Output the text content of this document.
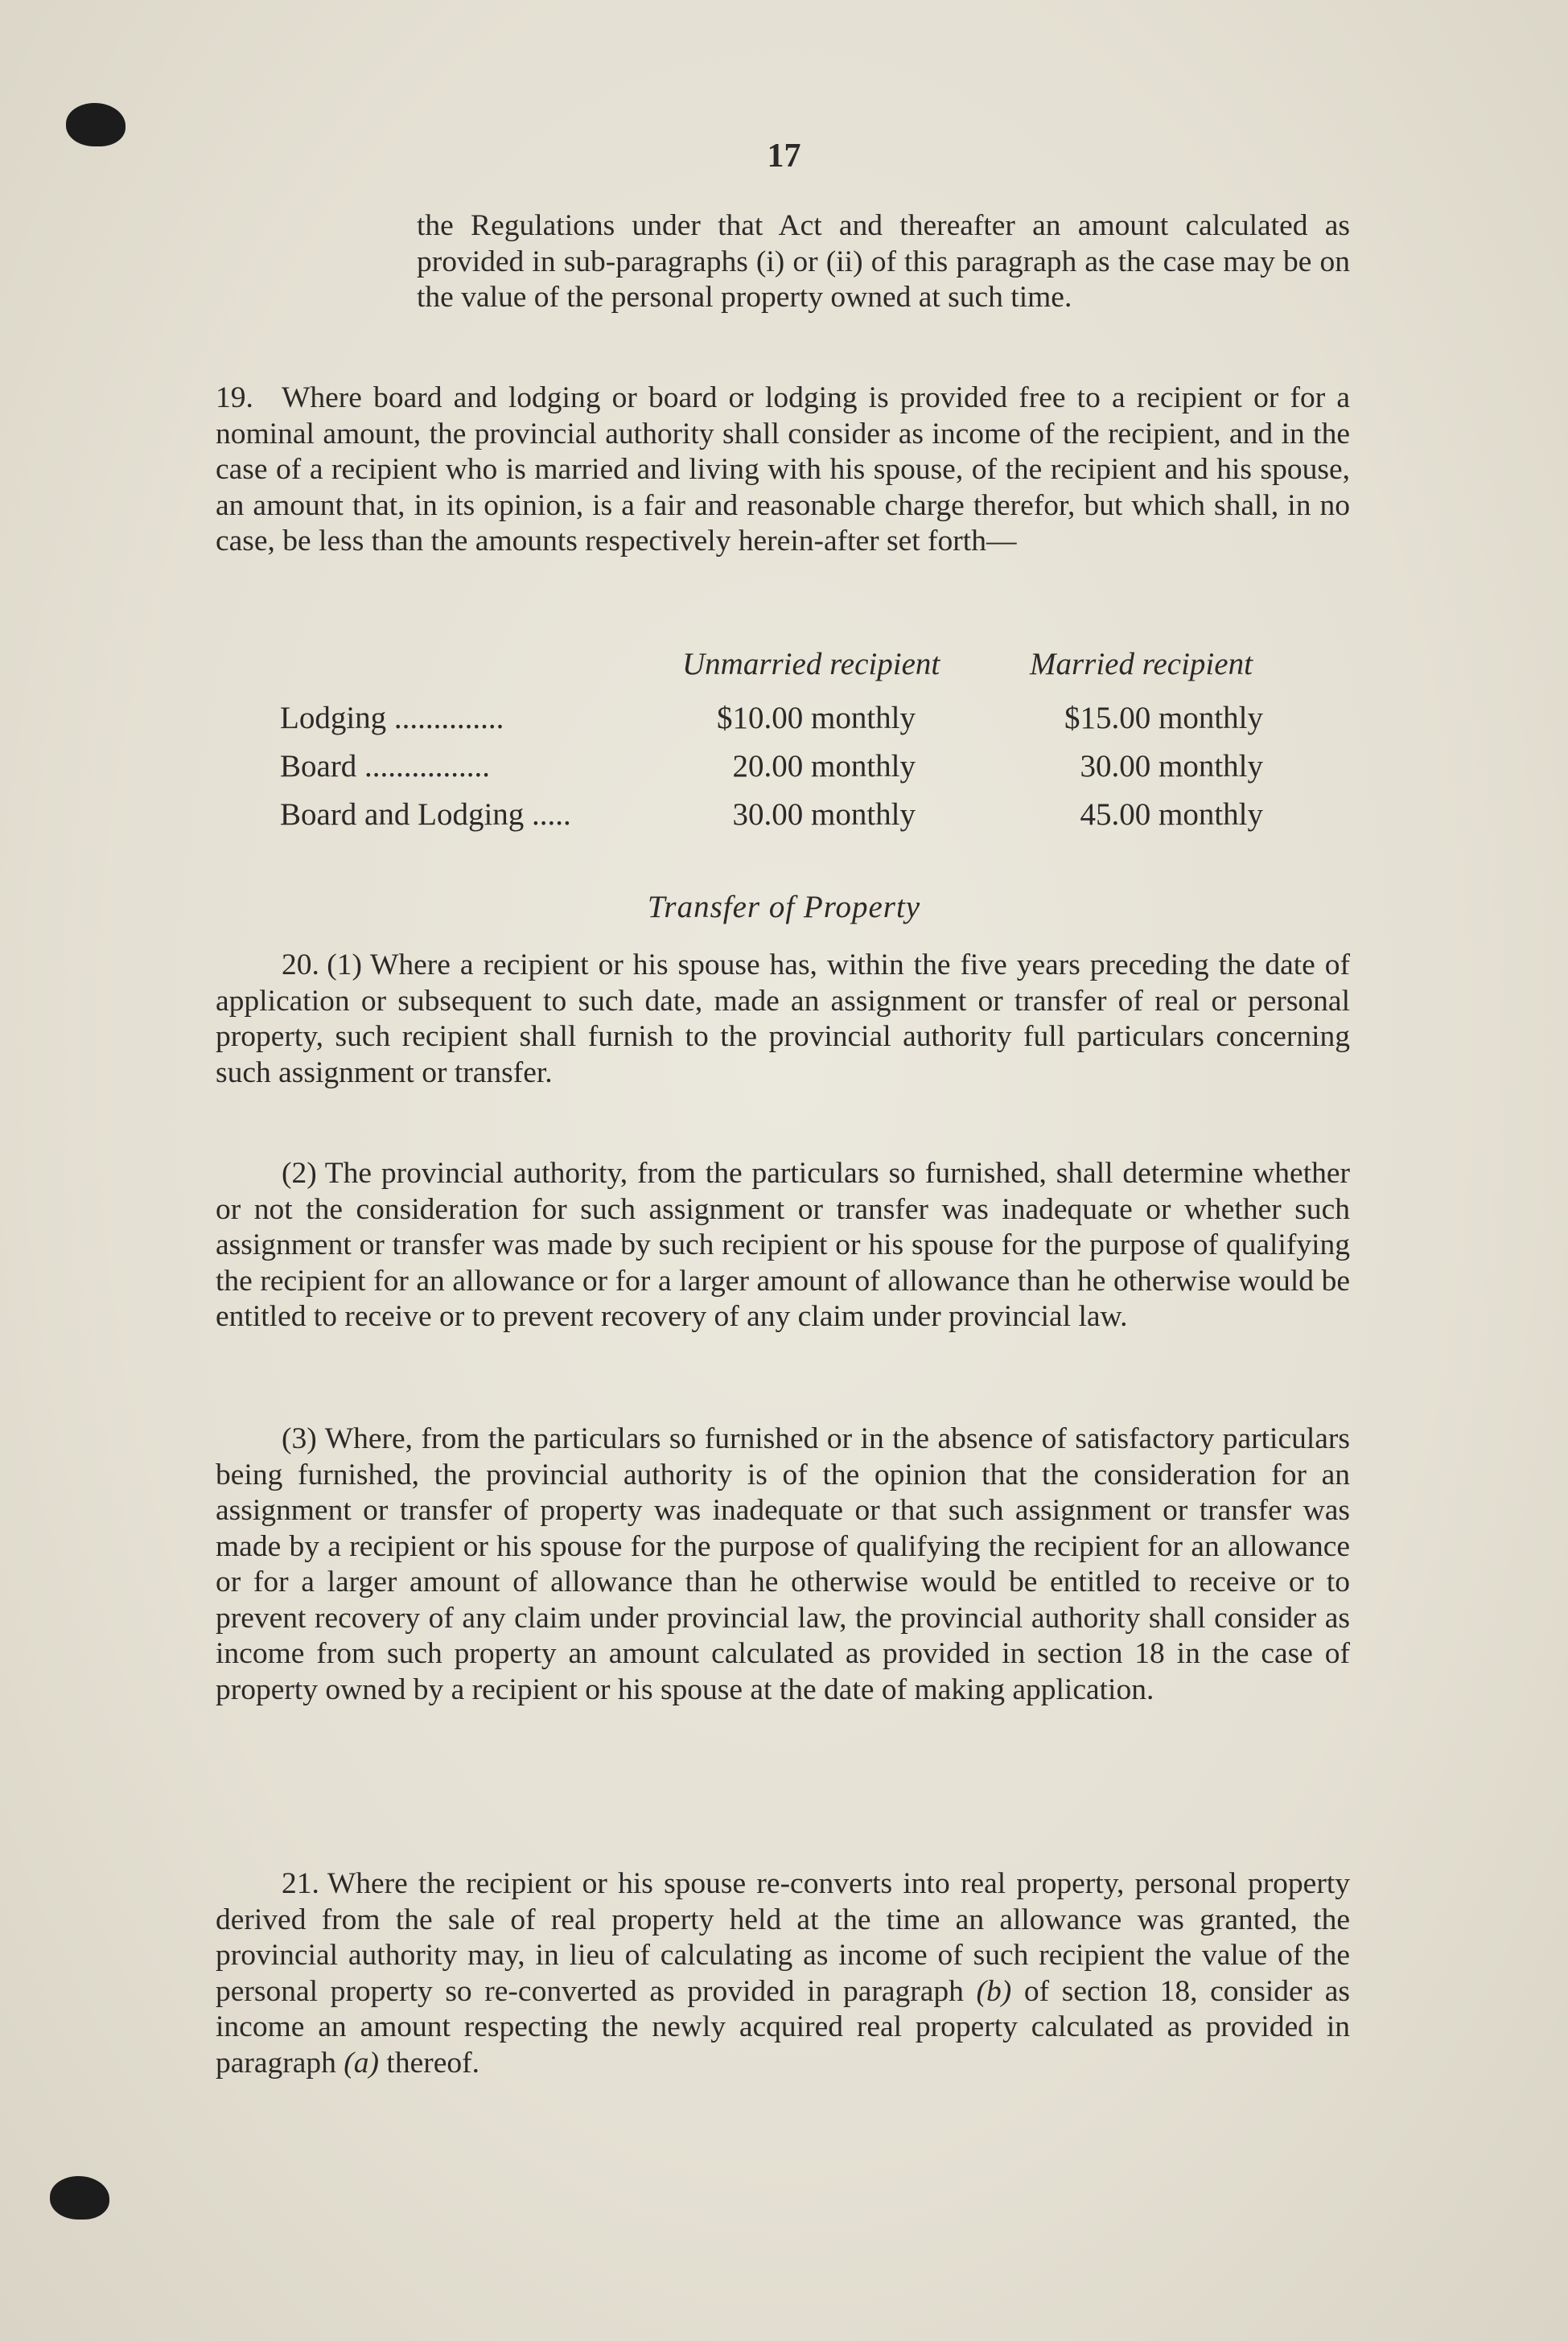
17
the Regulations under that Act and thereafter an amount calculated as provided in sub-paragraphs (i) or (ii) of this paragraph as the case may be on the value of the personal property owned at such time.
19. Where board and lodging or board or lodging is provided free to a recipient or for a nominal amount, the provincial authority shall consider as income of the recipient, and in the case of a recipient who is married and living with his spouse, of the recipient and his spouse, an amount that, in its opinion, is a fair and reasonable charge therefor, but which shall, in no case, be less than the amounts respectively herein-after set forth—
Unmarried recipient	Married recipient
Lodging ..............	$10.00 monthly	$15.00 monthly
Board ................	20.00 monthly	30.00 monthly
Board and Lodging .....	30.00 monthly	45.00 monthly
Transfer of Property
20. (1) Where a recipient or his spouse has, within the five years preceding the date of application or subsequent to such date, made an assignment or transfer of real or personal property, such recipient shall furnish to the provincial authority full particulars concerning such assignment or transfer.
(2) The provincial authority, from the particulars so furnished, shall determine whether or not the consideration for such assignment or transfer was inadequate or whether such assignment or transfer was made by such recipient or his spouse for the purpose of qualifying the recipient for an allowance or for a larger amount of allowance than he otherwise would be entitled to receive or to prevent recovery of any claim under provincial law.
(3) Where, from the particulars so furnished or in the absence of satisfactory particulars being furnished, the provincial authority is of the opinion that the consideration for an assignment or transfer of property was inadequate or that such assignment or transfer was made by a recipient or his spouse for the purpose of qualifying the recipient for an allowance or for a larger amount of allowance than he otherwise would be entitled to receive or to prevent recovery of any claim under provincial law, the provincial authority shall consider as income from such property an amount calculated as provided in section 18 in the case of property owned by a recipient or his spouse at the date of making application.
21. Where the recipient or his spouse re-converts into real property, personal property derived from the sale of real property held at the time an allowance was granted, the provincial authority may, in lieu of calculating as income of such recipient the value of the personal property so re-converted as provided in paragraph (b) of section 18, consider as income an amount respecting the newly acquired real property calculated as provided in paragraph (a) thereof.
